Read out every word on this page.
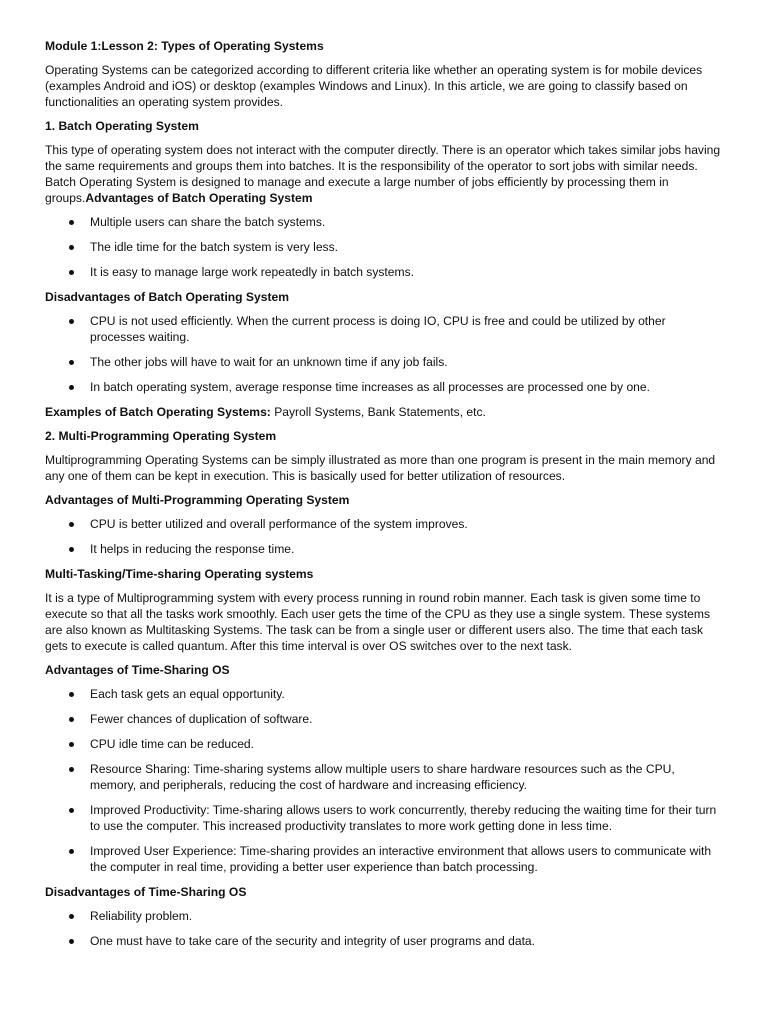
Module 1:Lesson 2: Types of Operating Systems

Operating Systems can be categorized according to different criteria like whether an operating system is for mobile devices (examples Android and iOS) or desktop (examples Windows and Linux). In this article, we are going to classify based on functionalities an operating system provides.

1. Batch Operating System

This type of operating system does not interact with the computer directly. There is an operator which takes similar jobs having the same requirements and groups them into batches. It is the responsibility of the operator to sort jobs with similar needs. Batch Operating System is designed to manage and execute a large number of jobs efficiently by processing them in groups.Advantages of Batch Operating System

Multiple users can share the batch systems.
The idle time for the batch system is very less.
It is easy to manage large work repeatedly in batch systems.

Disadvantages of Batch Operating System

CPU is not used efficiently. When the current process is doing IO, CPU is free and could be utilized by other processes waiting.
The other jobs will have to wait for an unknown time if any job fails.
In batch operating system, average response time increases as all processes are processed one by one.

Examples of Batch Operating Systems: Payroll Systems, Bank Statements, etc.

2. Multi-Programming Operating System

Multiprogramming Operating Systems can be simply illustrated as more than one program is present in the main memory and any one of them can be kept in execution. This is basically used for better utilization of resources.

Advantages of Multi-Programming Operating System

CPU is better utilized and overall performance of the system improves.
It helps in reducing the response time.

Multi-Tasking/Time-sharing Operating systems

It is a type of Multiprogramming system with every process running in round robin manner. Each task is given some time to execute so that all the tasks work smoothly. Each user gets the time of the CPU as they use a single system. These systems are also known as Multitasking Systems. The task can be from a single user or different users also. The time that each task gets to execute is called quantum. After this time interval is over OS switches over to the next task.

Advantages of Time-Sharing OS

Each task gets an equal opportunity.
Fewer chances of duplication of software.
CPU idle time can be reduced.
Resource Sharing: Time-sharing systems allow multiple users to share hardware resources such as the CPU, memory, and peripherals, reducing the cost of hardware and increasing efficiency.
Improved Productivity: Time-sharing allows users to work concurrently, thereby reducing the waiting time for their turn to use the computer. This increased productivity translates to more work getting done in less time.
Improved User Experience: Time-sharing provides an interactive environment that allows users to communicate with the computer in real time, providing a better user experience than batch processing.

Disadvantages of Time-Sharing OS

Reliability problem.
One must have to take care of the security and integrity of user programs and data.
